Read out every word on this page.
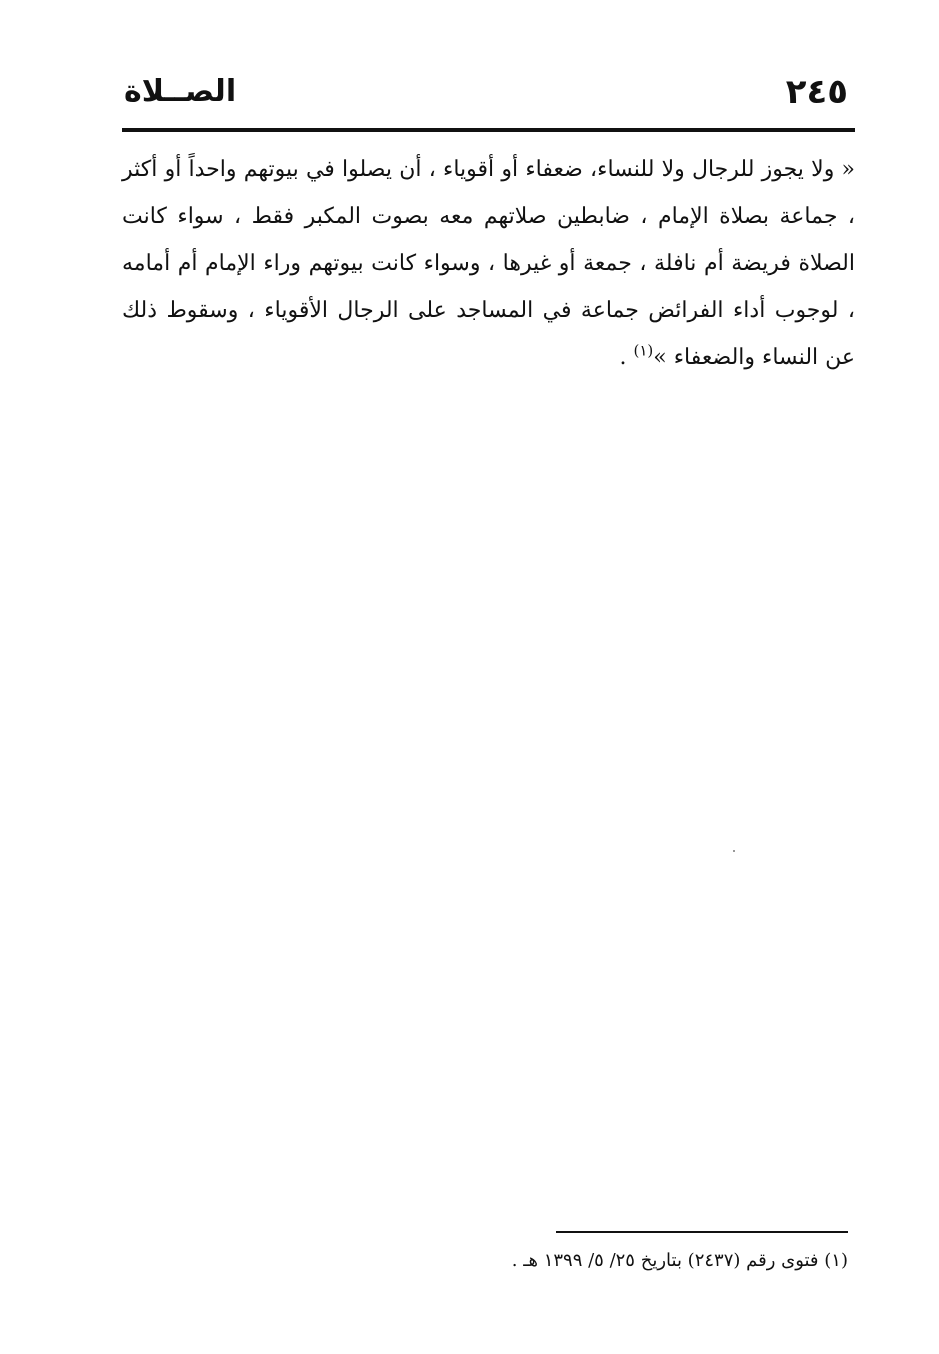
٢٤٥
الصــلاة

« ولا يجوز للرجال ولا للنساء، ضعفاء أو أقوياء ، أن يصلوا في بيوتهم واحداً أو أكثر ، جماعة بصلاة الإمام ، ضابطين صلاتهم معه بصوت المكبر فقط ، سواء كانت الصلاة فريضة أم نافلة ، جمعة أو غيرها ، وسواء كانت بيوتهم وراء الإمام أم أمامه ، لوجوب أداء الفرائض جماعة في المساجد على الرجال الأقوياء ، وسقوط ذلك عن النساء والضعفاء »$^{(١)}$ .

(١) فتوى رقم (٢٤٣٧) بتاريخ ٢٥/ ٥/ ١٣٩٩ هـ .
